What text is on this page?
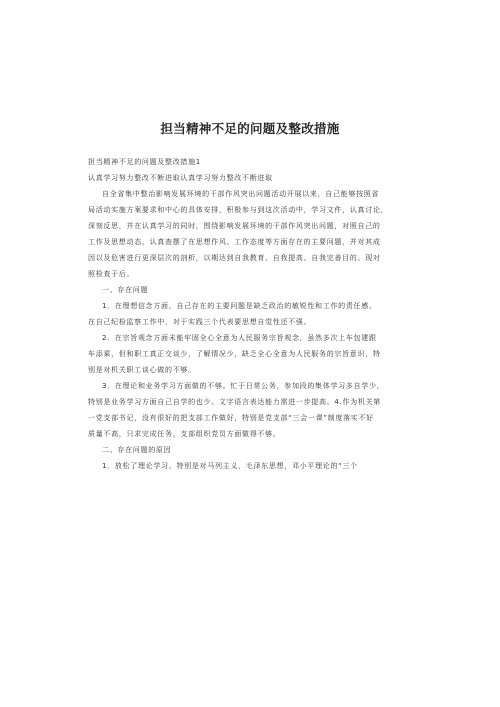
担当精神不足的问题及整改措施

担当精神不足的问题及整改措施1

认真学习努力整改不断进取认真学习努力整改不断进取

自全省集中整治影响发展环境的干部作风突出问题活动开展以来，自己能够按照省
局活动实施方案要求和中心的具体安排，积极参与到这次活动中，学习文件，认真讨论，
深刻反思，并在认真学习的同时，围绕影响发展环境的干部作风突出问题，对照自己的
工作及思想动态，认真查摆了在思想作风、工作态度等方面存在的主要问题，并对其成
因以及危害进行更深层次的剖析，以期达到自我教育、自我提高、自我完善目的。现对
照检查于后。

一、存在问题

1．在理想信念方面，自己存在的主要问题是缺乏政治的敏锐性和工作的责任感。
在自己纪检监察工作中，对于实践三个代表要思想自觉性还不强。

2．在宗旨观念方面未能牢固全心全意为人民服务宗旨观念，虽然多次上车包建跟
车添乘，但和职工真正交谈少，了解情况少，缺乏全心全意为人民服务的宗旨意识，特
别是对机关职工谈心做的不够。

3．在理论和业务学习方面做的不够。忙于日常公务，参加段的集体学习多自学少，
特别是业务学习方面自己自学的也少。文字语言表达能力需进一步提高。4.作为机关第
一党支部书记，没有很好的把支部工作做好，特别是党支部“三会一课”制度落实不好
质量不高，只求完成任务，支部组织党员方面做得不够。

二、存在问题的原因

1．放松了理论学习、特别是对马列主义，毛泽东思想，邓小平理论的“三个
